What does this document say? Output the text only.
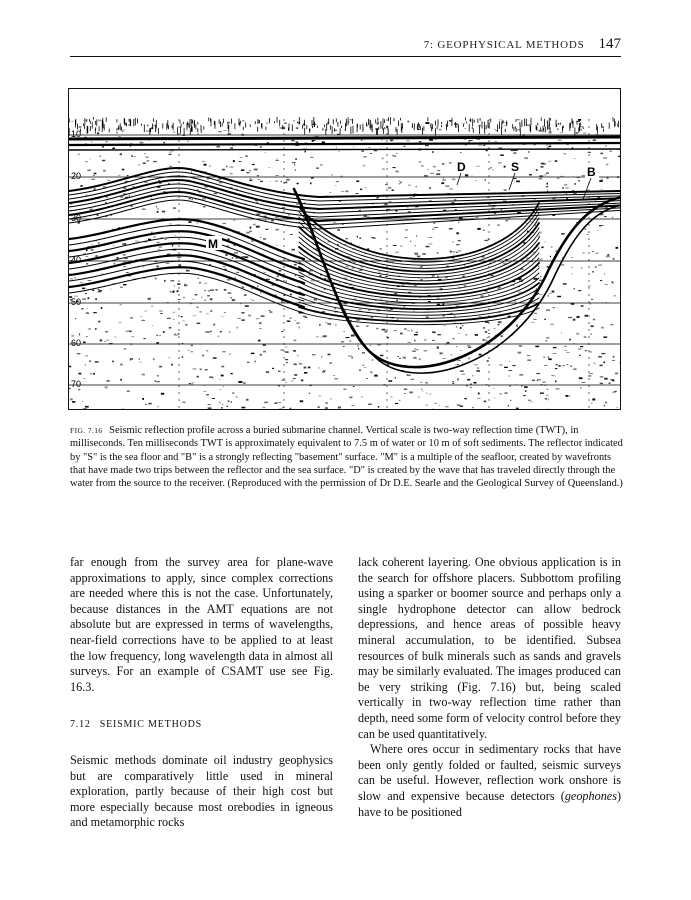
7: GEOPHYSICAL METHODS 147
10
20
30
40
50
60
70
D	S	B
M
FIG. 7.16 Seismic reflection profile across a buried submarine channel. Vertical scale is two-way reflection time (TWT), in milliseconds. Ten milliseconds TWT is approximately equivalent to 7.5 m of water or 10 m of soft sediments. The reflector indicated by "S" is the sea floor and "B" is a strongly reflecting "basement" surface. "M" is a multiple of the seafloor, created by wavefronts that have made two trips between the reflector and the sea surface. "D" is created by the wave that has traveled directly through the water from the source to the receiver. (Reproduced with the permission of Dr D.E. Searle and the Geological Survey of Queensland.)

far enough from the survey area for plane-wave approximations to apply, since complex corrections are needed where this is not the case. Unfortunately, because distances in the AMT equations are not absolute but are expressed in terms of wavelengths, near-field corrections have to be applied to at least the low frequency, long wavelength data in almost all surveys. For an example of CSAMT use see Fig. 16.3.

7.12 SEISMIC METHODS

Seismic methods dominate oil industry geophysics but are comparatively little used in mineral exploration, partly because of their high cost but more especially because most orebodies in igneous and metamorphic rocks

lack coherent layering. One obvious application is in the search for offshore placers. Subbottom profiling using a sparker or boomer source and perhaps only a single hydrophone detector can allow bedrock depressions, and hence areas of possible heavy mineral accumulation, to be identified. Subsea resources of bulk minerals such as sands and gravels may be similarly evaluated. The images produced can be very striking (Fig. 7.16) but, being scaled vertically in two-way reflection time rather than depth, need some form of velocity control before they can be used quantitatively.

Where ores occur in sedimentary rocks that have been only gently folded or faulted, seismic surveys can be useful. However, reflection work onshore is slow and expensive because detectors (geophones) have to be positioned
